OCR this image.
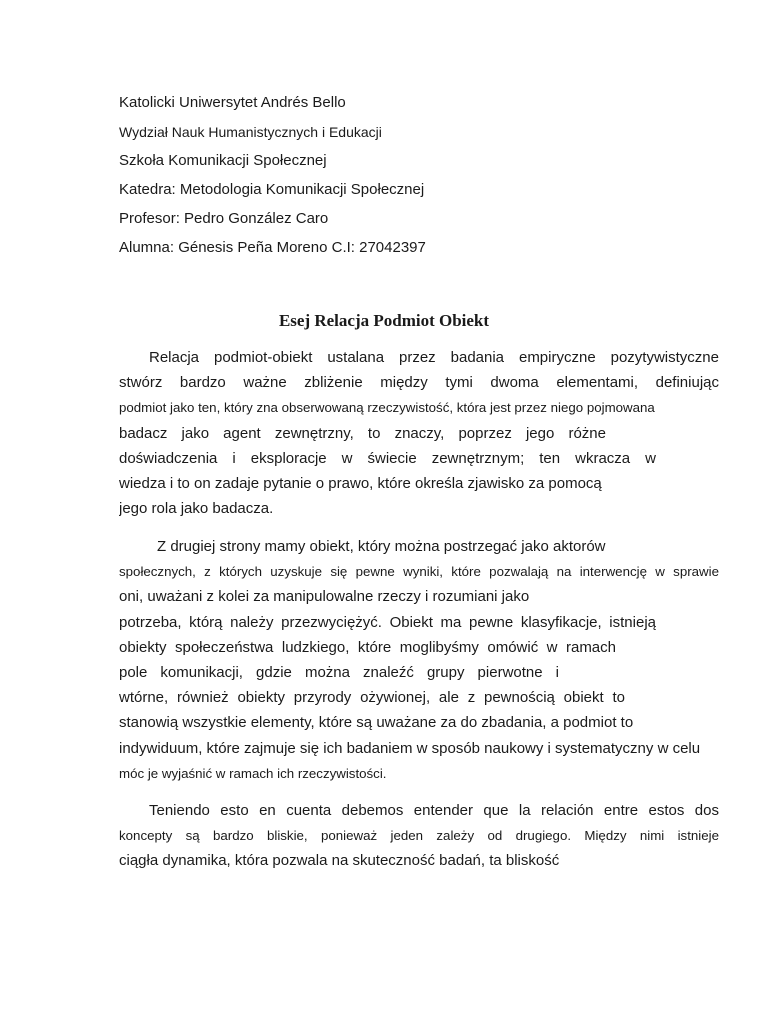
Katolicki Uniwersytet Andrés Bello
Wydział Nauk Humanistycznych i Edukacji
Szkoła Komunikacji Społecznej
Katedra: Metodologia Komunikacji Społecznej
Profesor: Pedro González Caro
Alumna: Génesis Peña Moreno C.I: 27042397
Esej Relacja Podmiot Obiekt
Relacja podmiot-obiekt ustalana przez badania empiryczne pozytywistyczne
stwórz bardzo ważne zbliżenie między tymi dwoma elementami, definiując
podmiot jako ten, który zna obserwowaną rzeczywistość, która jest przez niego pojmowana
badacz jako agent zewnętrzny, to znaczy, poprzez jego różne
doświadczenia i eksploracje w świecie zewnętrznym; ten wkracza w
wiedza i to on zadaje pytanie o prawo, które określa zjawisko za pomocą
jego rola jako badacza.
Z drugiej strony mamy obiekt, który można postrzegać jako aktorów
społecznych, z których uzyskuje się pewne wyniki, które pozwalają na interwencję w sprawie
oni, uważani z kolei za manipulowalne rzeczy i rozumiani jako
potrzeba, którą należy przezwyciężyć. Obiekt ma pewne klasyfikacje, istnieją
obiekty społeczeństwa ludzkiego, które moglibyśmy omówić w ramach
pole komunikacji, gdzie można znaleźć grupy pierwotne i
wtórne, również obiekty przyrody ożywionej, ale z pewnością obiekt to
stanowią wszystkie elementy, które są uważane za do zbadania, a podmiot to
indywiduum, które zajmuje się ich badaniem w sposób naukowy i systematyczny w celu
móc je wyjaśnić w ramach ich rzeczywistości.
Teniendo esto en cuenta debemos entender que la relación entre estos dos
koncepty są bardzo bliskie, ponieważ jeden zależy od drugiego. Między nimi istnieje
ciągła dynamika, która pozwala na skuteczność badań, ta bliskość
